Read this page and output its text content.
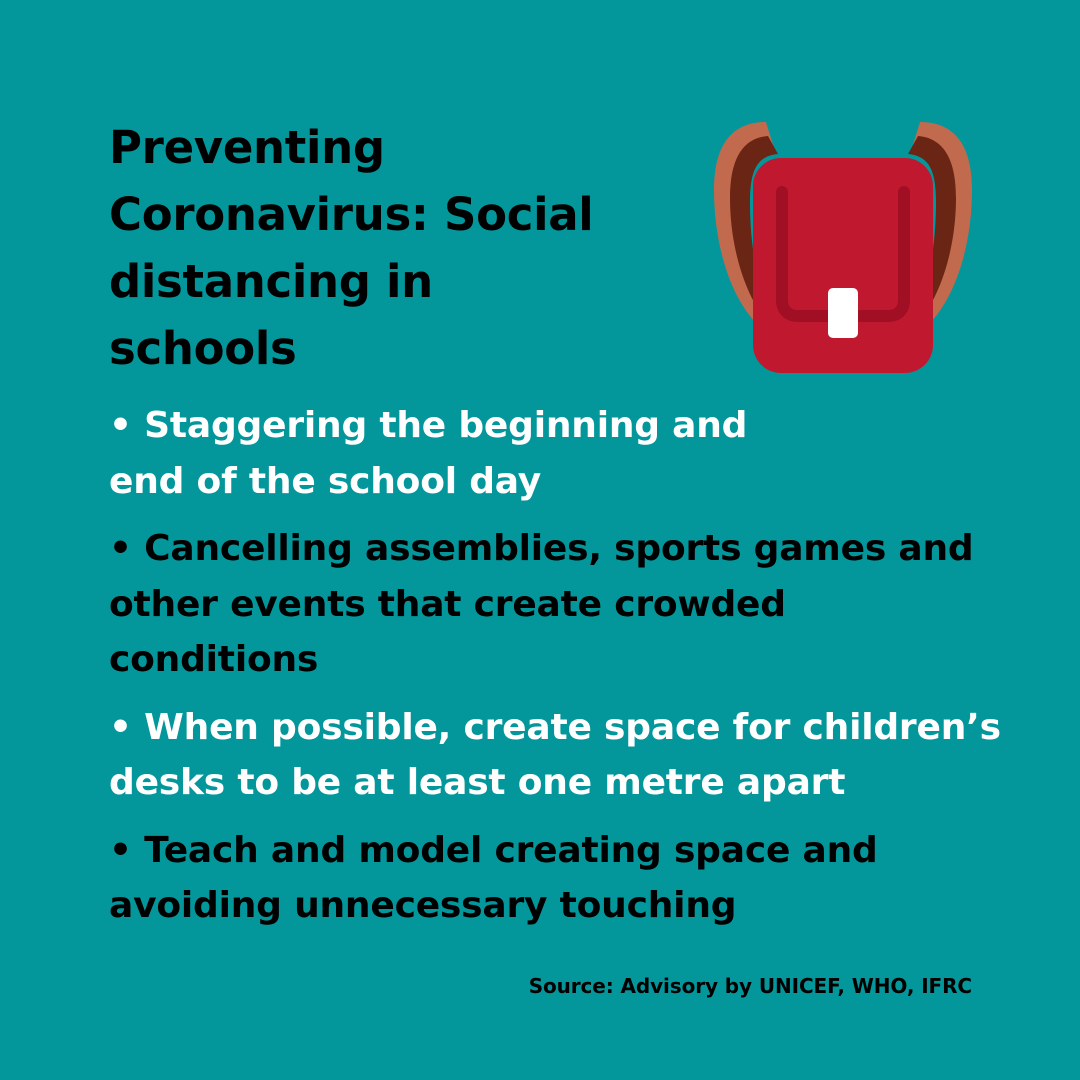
Preventing
Coronavirus: Social
distancing in
schools
• Staggering the beginning and
end of the school day
• Cancelling assemblies, sports games and
other events that create crowded
conditions
• When possible, create space for children’s
desks to be at least one metre apart
• Teach and model creating space and
avoiding unnecessary touching
Source: Advisory by UNICEF, WHO, IFRC
